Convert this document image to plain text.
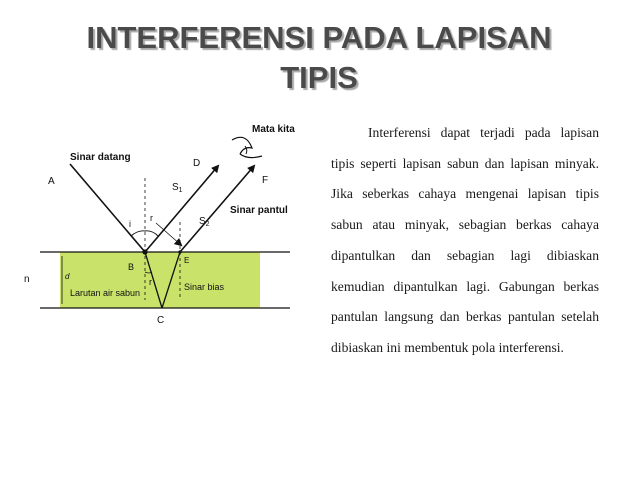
INTERFERENSI PADA LAPISAN
TIPIS
Mata kita
Sinar datang
A
D
$S_1$
F
$S_2$
Sinar pantul
i
r
B
E
n	d
r
Larutan air sabun
Sinar bias
C
Interferensi dapat terjadi pada lapisan tipis seperti lapisan sabun dan lapisan minyak. Jika seberkas cahaya mengenai lapisan tipis sabun atau minyak, sebagian berkas cahaya dipantulkan dan sebagian lagi dibiaskan kemudian dipantulkan lagi. Gabungan berkas pantulan langsung dan berkas pantulan setelah dibiaskan ini membentuk pola interferensi.
